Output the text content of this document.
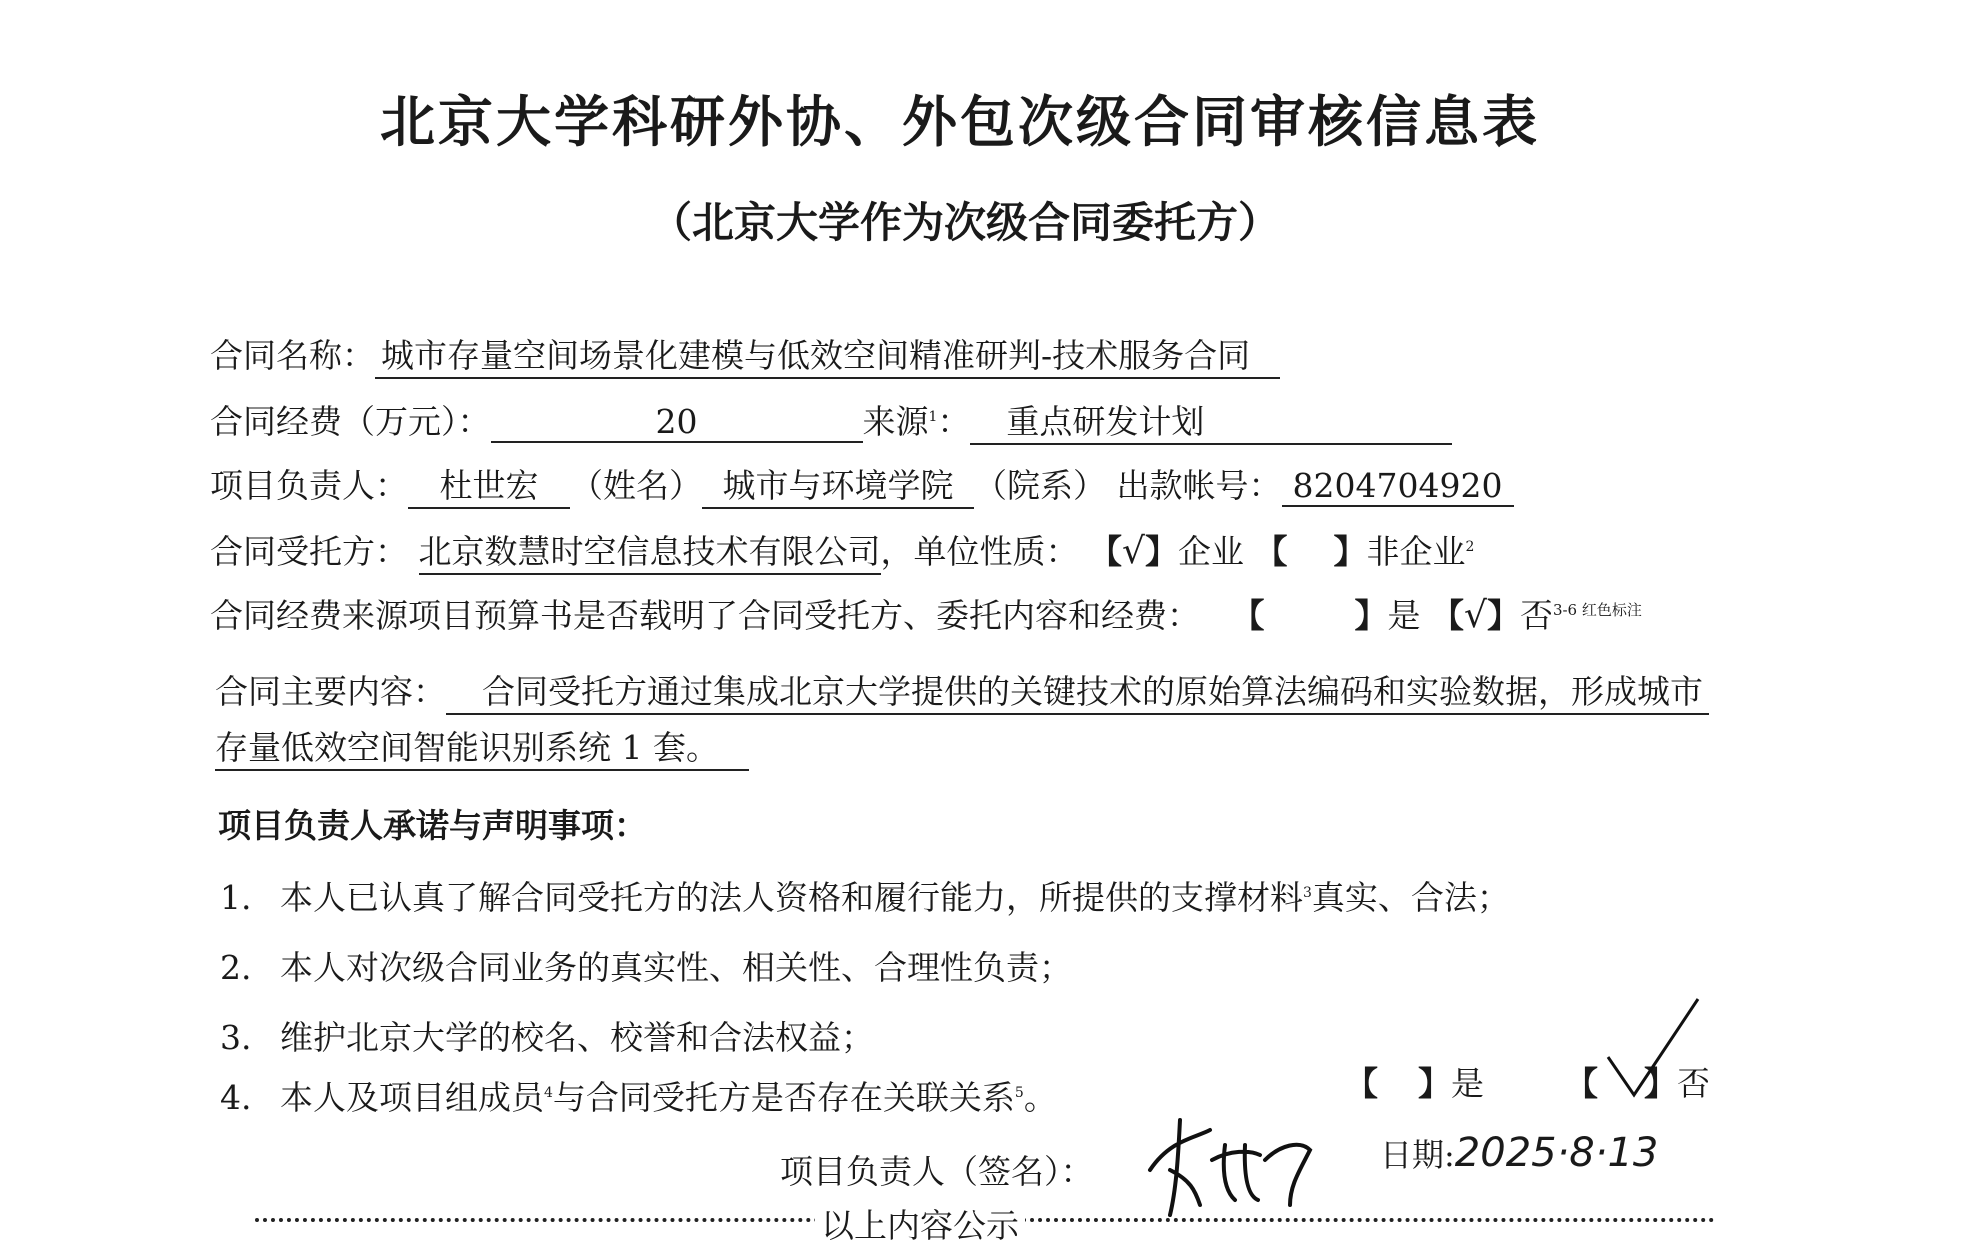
北京大学科研外协、外包次级合同审核信息表
（北京大学作为次级合同委托方）
合同名称： 城市存量空间场景化建模与低效空间精准研判-技术服务合同
合同经费（万元）：	20	来源$^1$： 重点研发计划
项目负责人： 杜世宏 （姓名） 城市与环境学院 （院系） 出款帐号： 8204704920
合同受托方： 北京数慧时空信息技术有限公司，单位性质： 【√】企业 【 】非企业$^2$
合同经费来源项目预算书是否载明了合同受托方、委托内容和经费： 【	】是 【√】否$^{3-6 红色标注}$
合同主要内容： 合同受托方通过集成北京大学提供的关键技术的原始算法编码和实验数据，形成城市
存量低效空间智能识别系统 1 套。
项目负责人承诺与声明事项：
1. 本人已认真了解合同受托方的法人资格和履行能力，所提供的支撑材料$^3$真实、合法；
2. 本人对次级合同业务的真实性、相关性、合理性负责；
3. 维护北京大学的校名、校誉和合法权益；
4. 本人及项目组成员$^4$与合同受托方是否存在关联关系$^5$。	【 】是 【 】否
项目负责人（签名）：	日期:2025·8·13
以上内容公示
